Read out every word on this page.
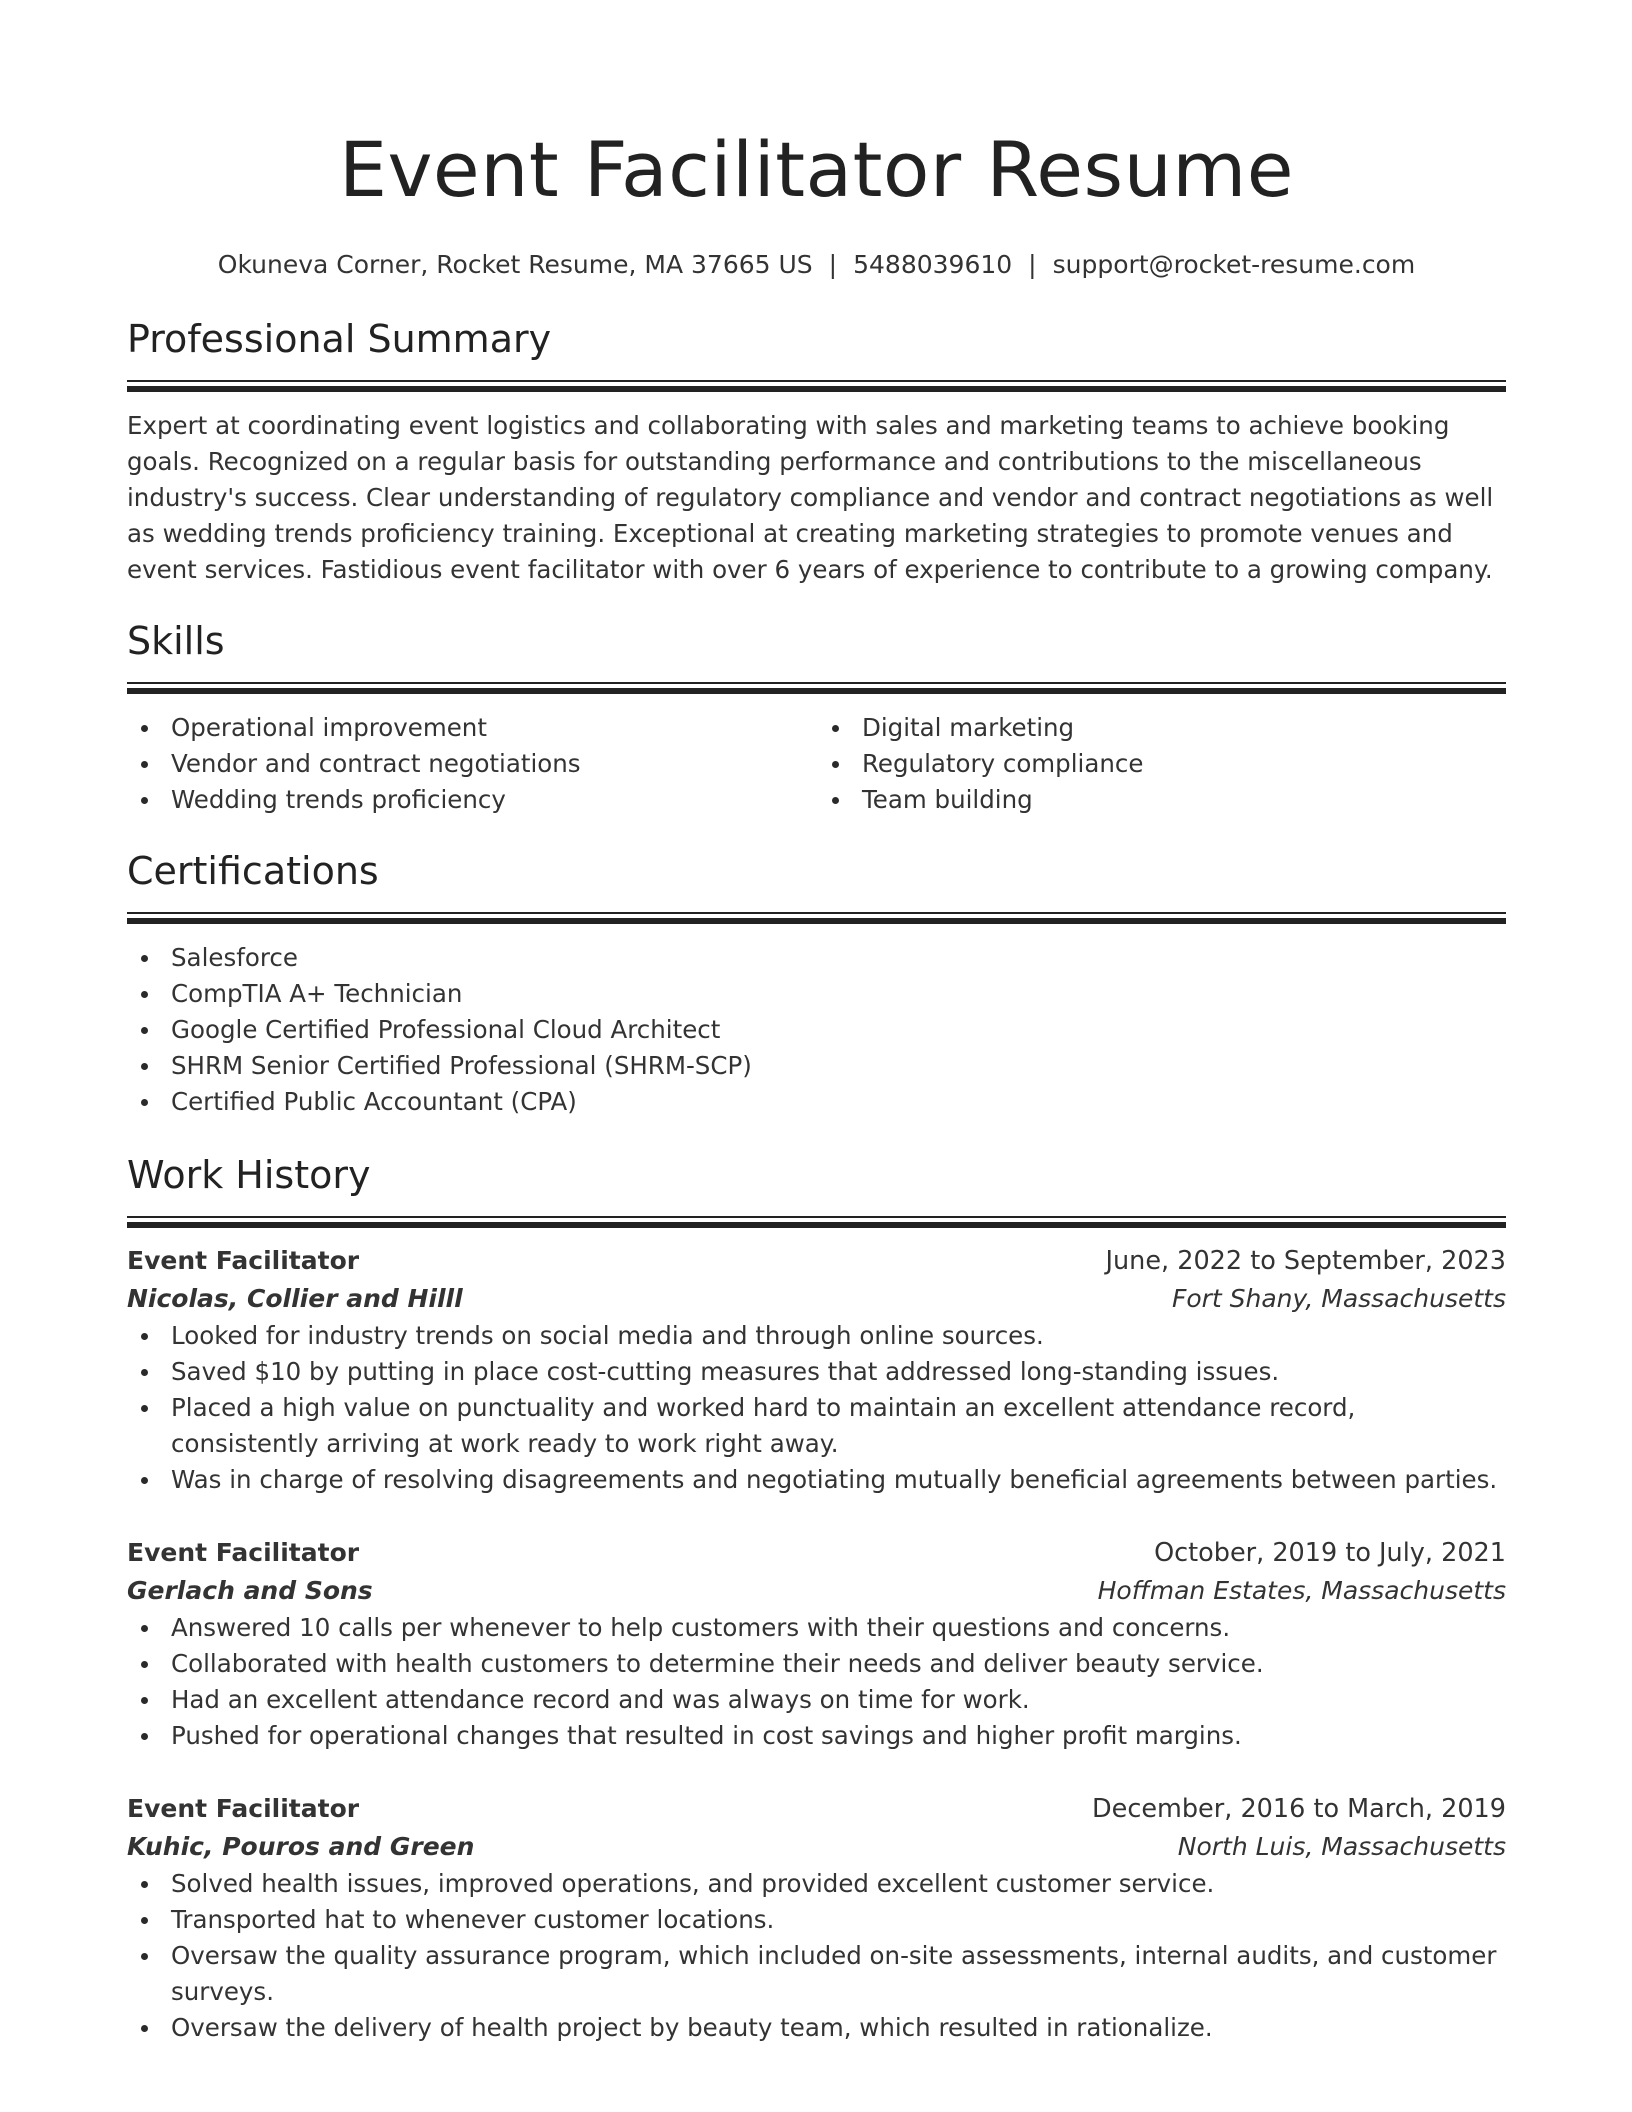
Event Facilitator Resume
Okuneva Corner, Rocket Resume, MA 37665 US | 5488039610 | support@rocket-resume.com
Professional Summary

Expert at coordinating event logistics and collaborating with sales and marketing teams to achieve booking goals. Recognized on a regular basis for outstanding performance and contributions to the miscellaneous industry's success. Clear understanding of regulatory compliance and vendor and contract negotiations as well as wedding trends proficiency training. Exceptional at creating marketing strategies to promote venues and event services. Fastidious event facilitator with over 6 years of experience to contribute to a growing company.

Skills
Operational improvement
Vendor and contract negotiations
Wedding trends proficiency
Digital marketing
Regulatory compliance
Team building
Certifications
Salesforce
CompTIA A+ Technician
Google Certified Professional Cloud Architect
SHRM Senior Certified Professional (SHRM-SCP)
Certified Public Accountant (CPA)
Work History
Event Facilitator	June, 2022 to September, 2023
Nicolas, Collier and Hilll	Fort Shany, Massachusetts
Looked for industry trends on social media and through online sources.
Saved $10 by putting in place cost-cutting measures that addressed long-standing issues.
Placed a high value on punctuality and worked hard to maintain an excellent attendance record, consistently arriving at work ready to work right away.
Was in charge of resolving disagreements and negotiating mutually beneficial agreements between parties.
Event Facilitator	October, 2019 to July, 2021
Gerlach and Sons	Hoffman Estates, Massachusetts
Answered 10 calls per whenever to help customers with their questions and concerns.
Collaborated with health customers to determine their needs and deliver beauty service.
Had an excellent attendance record and was always on time for work.
Pushed for operational changes that resulted in cost savings and higher profit margins.
Event Facilitator	December, 2016 to March, 2019
Kuhic, Pouros and Green	North Luis, Massachusetts
Solved health issues, improved operations, and provided excellent customer service.
Transported hat to whenever customer locations.
Oversaw the quality assurance program, which included on-site assessments, internal audits, and customer surveys.
Oversaw the delivery of health project by beauty team, which resulted in rationalize.
